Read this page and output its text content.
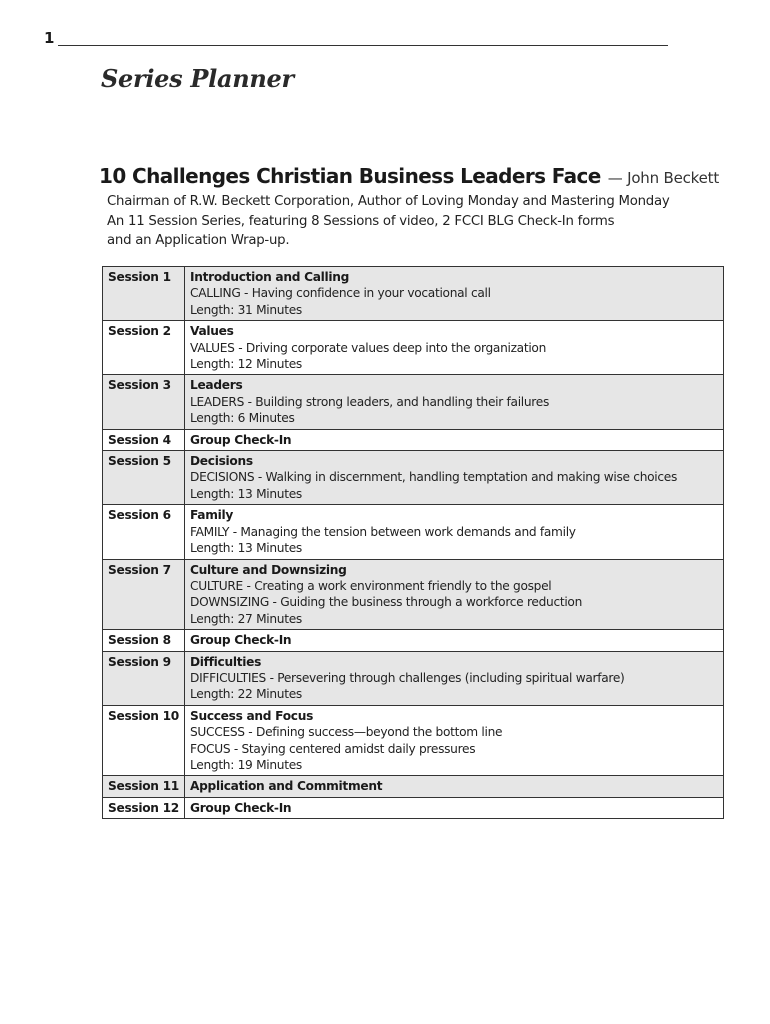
1
Series Planner
10 Challenges Christian Business Leaders Face — John Beckett
Chairman of R.W. Beckett Corporation, Author of Loving Monday and Mastering Monday
An 11 Session Series, featuring 8 Sessions of video, 2 FCCI BLG Check-In forms
and an Application Wrap-up.
Session 1	Introduction and Calling
CALLING - Having confidence in your vocational call
Length: 31 Minutes

Session 2	Values
VALUES - Driving corporate values deep into the organization
Length: 12 Minutes

Session 3	Leaders
LEADERS - Building strong leaders, and handling their failures
Length: 6 Minutes

Session 4	Group Check-In

Session 5	Decisions
DECISIONS - Walking in discernment, handling temptation and making wise choices
Length: 13 Minutes

Session 6	Family
FAMILY - Managing the tension between work demands and family
Length: 13 Minutes

Session 7	Culture and Downsizing
CULTURE - Creating a work environment friendly to the gospel
DOWNSIZING - Guiding the business through a workforce reduction
Length: 27 Minutes

Session 8	Group Check-In

Session 9	Difficulties
DIFFICULTIES - Persevering through challenges (including spiritual warfare)
Length: 22 Minutes

Session 10	Success and Focus
SUCCESS - Defining success—beyond the bottom line
FOCUS - Staying centered amidst daily pressures
Length: 19 Minutes

Session 11	Application and Commitment

Session 12	Group Check-In
